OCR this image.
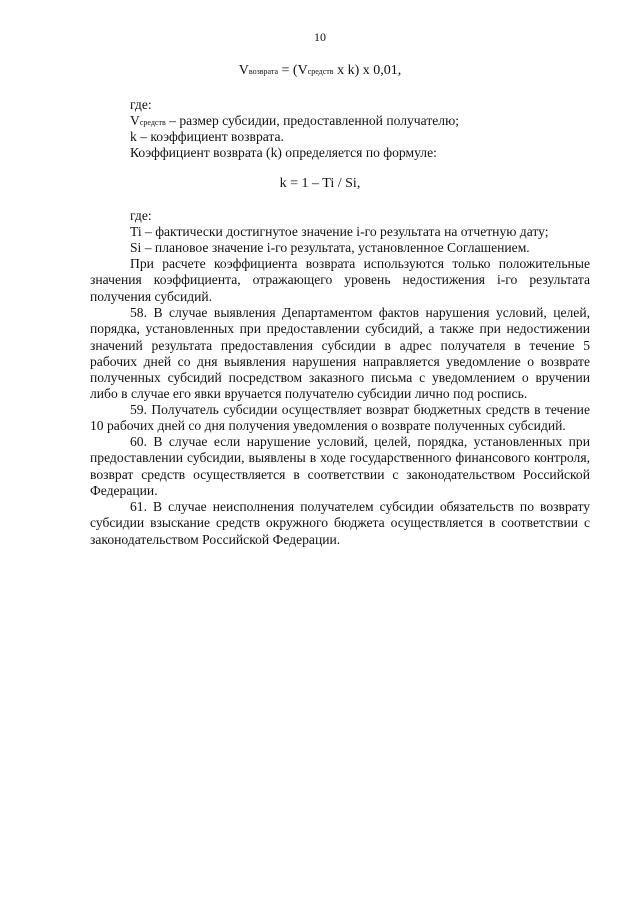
10
Vвозврата = (Vсредств x k) x 0,01,
где:
Vсредств – размер субсидии, предоставленной получателю;
k – коэффициент возврата.
Коэффициент возврата (k) определяется по формуле:
k = 1 – Ti / Si,
где:
Ti – фактически достигнутое значение i-го результата на отчетную дату;
Si – плановое значение i-го результата, установленное Соглашением.

При расчете коэффициента возврата используются только положительные значения коэффициента, отражающего уровень недостижения i-го результата получения субсидий.

58. В случае выявления Департаментом фактов нарушения условий, целей, порядка, установленных при предоставлении субсидий, а также при недостижении значений результата предоставления субсидии в адрес получателя в течение 5 рабочих дней со дня выявления нарушения направляется уведомление о возврате полученных субсидий посредством заказного письма с уведомлением о вручении либо в случае его явки вручается получателю субсидии лично под роспись.

59. Получатель субсидии осуществляет возврат бюджетных средств в течение 10 рабочих дней со дня получения уведомления о возврате полученных субсидий.

60. В случае если нарушение условий, целей, порядка, установленных при предоставлении субсидии, выявлены в ходе государственного финансового контроля, возврат средств осуществляется в соответствии с законодательством Российской Федерации.

61. В случае неисполнения получателем субсидии обязательств по возврату субсидии взыскание средств окружного бюджета осуществляется в соответствии с законодательством Российской Федерации.
